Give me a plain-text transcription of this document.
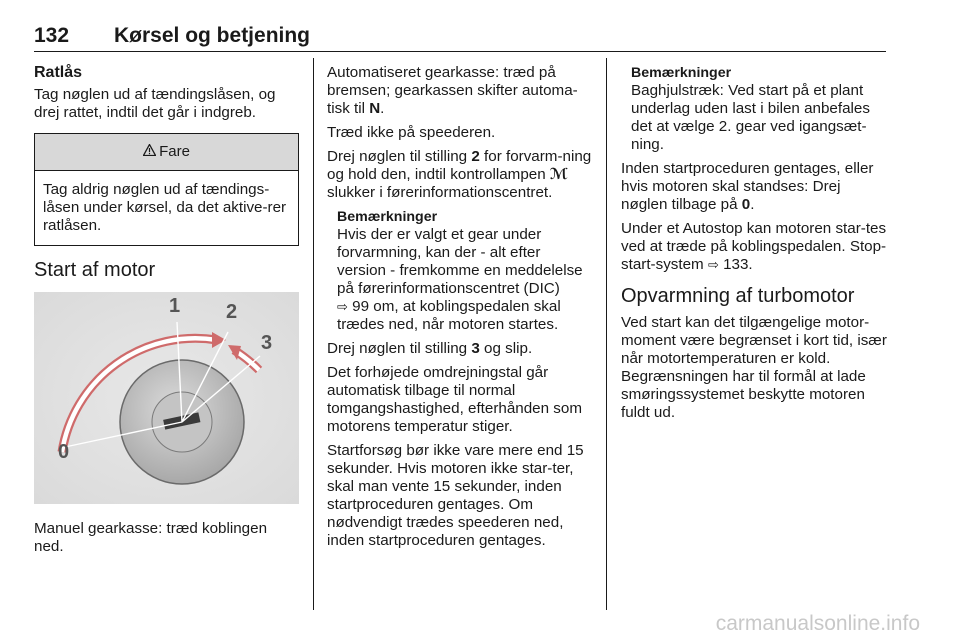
132 Kørsel og betjening
Ratlås

Tag nøglen ud af tændingslåsen, og drej rattet, indtil det går i indgreb.

Fare
Tag aldrig nøglen ud af tændings-låsen under kørsel, da det aktive-rer ratlåsen.
Start af motor
0
1 2
3

Manuel gearkasse: træd koblingen ned.

Automatiseret gearkasse: træd på bremsen; gearkassen skifter automa-tisk til N.

Træd ikke på speederen.

Drej nøglen til stilling 2 for forvarm-ning og hold den, indtil kontrollampen ℳ slukker i førerinformationscentret.

Bemærkninger
Hvis der er valgt et gear under forvarmning, kan der - alt efter version - fremkomme en meddelelse på førerinformationscentret (DIC)
⇨ 99 om, at koblingspedalen skal trædes ned, når motoren startes.

Drej nøglen til stilling 3 og slip.

Det forhøjede omdrejningstal går automatisk tilbage til normal tomgangshastighed, efterhånden som motorens temperatur stiger.

Startforsøg bør ikke vare mere end 15 sekunder. Hvis motoren ikke star-ter, skal man vente 15 sekunder, inden startproceduren gentages. Om nødvendigt trædes speederen ned, inden startproceduren gentages.

Bemærkninger
Baghjulstræk: Ved start på et plant underlag uden last i bilen anbefales det at vælge 2. gear ved igangsæt-ning.

Inden startproceduren gentages, eller hvis motoren skal standses: Drej nøglen tilbage på 0.

Under et Autostop kan motoren star-tes ved at træde på koblingspedalen. Stop-start-system ⇨ 133.

Opvarmning af turbomotor

Ved start kan det tilgængelige motor-moment være begrænset i kort tid, især når motortemperaturen er kold. Begrænsningen har til formål at lade smøringssystemet beskytte motoren fuldt ud.

carmanualsonline.info
